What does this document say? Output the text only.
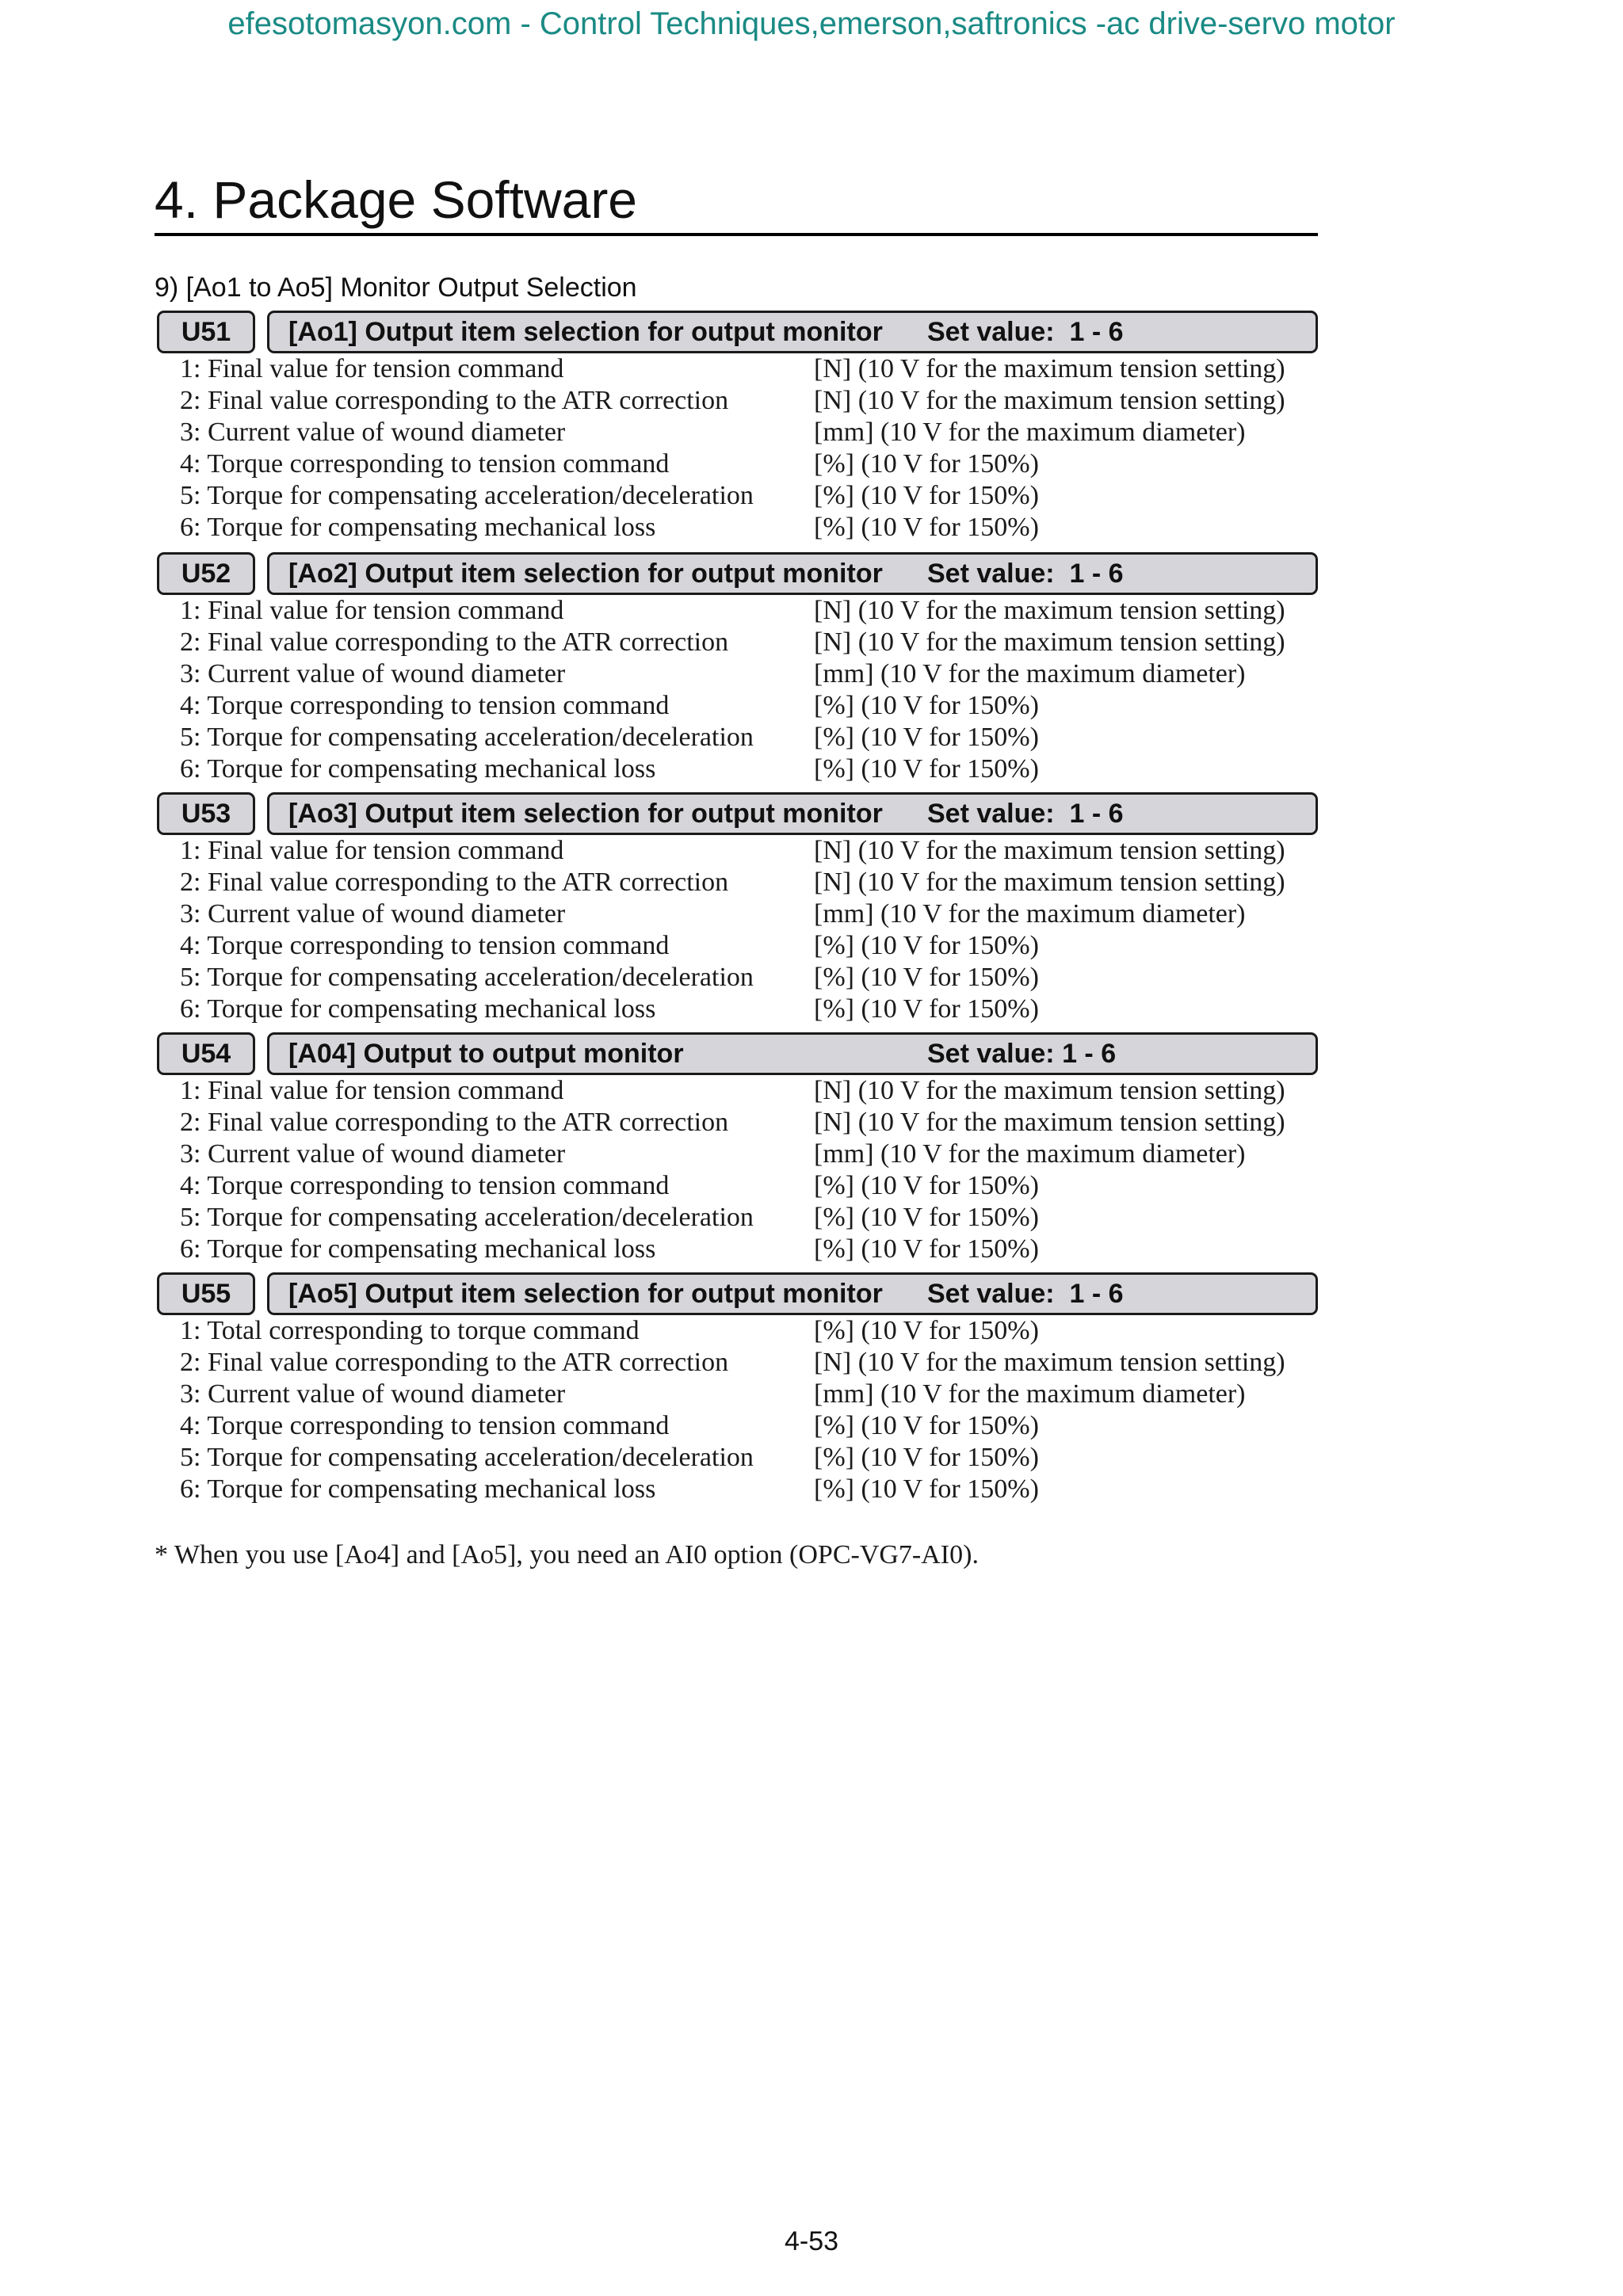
efesotomasyon.com - Control Techniques,emerson,saftronics -ac drive-servo motor
4. Package Software
9) [Ao1 to Ao5] Monitor Output Selection
U51	[Ao1] Output item selection for output monitor Set value:  1 - 6
1: Final value for tension command	[N] (10 V for the maximum tension setting)
2: Final value corresponding to the ATR correction	[N] (10 V for the maximum tension setting)
3: Current value of wound diameter	[mm] (10 V for the maximum diameter)
4: Torque corresponding to tension command	[%] (10 V for 150%)
5: Torque for compensating acceleration/deceleration [%] (10 V for 150%)
6: Torque for compensating mechanical loss	[%] (10 V for 150%)
U52	[Ao2] Output item selection for output monitor Set value:  1 - 6
1: Final value for tension command	[N] (10 V for the maximum tension setting)
2: Final value corresponding to the ATR correction	[N] (10 V for the maximum tension setting)
3: Current value of wound diameter	[mm] (10 V for the maximum diameter)
4: Torque corresponding to tension command	[%] (10 V for 150%)
5: Torque for compensating acceleration/deceleration [%] (10 V for 150%)
6: Torque for compensating mechanical loss	[%] (10 V for 150%)
U53	[Ao3] Output item selection for output monitor Set value:  1 - 6
1: Final value for tension command	[N] (10 V for the maximum tension setting)
2: Final value corresponding to the ATR correction	[N] (10 V for the maximum tension setting)
3: Current value of wound diameter	[mm] (10 V for the maximum diameter)
4: Torque corresponding to tension command	[%] (10 V for 150%)
5: Torque for compensating acceleration/deceleration [%] (10 V for 150%)
6: Torque for compensating mechanical loss	[%] (10 V for 150%)
U54	[A04] Output to output monitor	Set value: 1 - 6
1: Final value for tension command	[N] (10 V for the maximum tension setting)
2: Final value corresponding to the ATR correction	[N] (10 V for the maximum tension setting)
3: Current value of wound diameter	[mm] (10 V for the maximum diameter)
4: Torque corresponding to tension command	[%] (10 V for 150%)
5: Torque for compensating acceleration/deceleration [%] (10 V for 150%)
6: Torque for compensating mechanical loss	[%] (10 V for 150%)
U55	[Ao5] Output item selection for output monitor Set value:  1 - 6
1: Total corresponding to torque command	[%] (10 V for 150%)
2: Final value corresponding to the ATR correction	[N] (10 V for the maximum tension setting)
3: Current value of wound diameter	[mm] (10 V for the maximum diameter)
4: Torque corresponding to tension command	[%] (10 V for 150%)
5: Torque for compensating acceleration/deceleration [%] (10 V for 150%)
6: Torque for compensating mechanical loss	[%] (10 V for 150%)
* When you use [Ao4] and [Ao5], you need an AI0 option (OPC-VG7-AI0).
4-53
